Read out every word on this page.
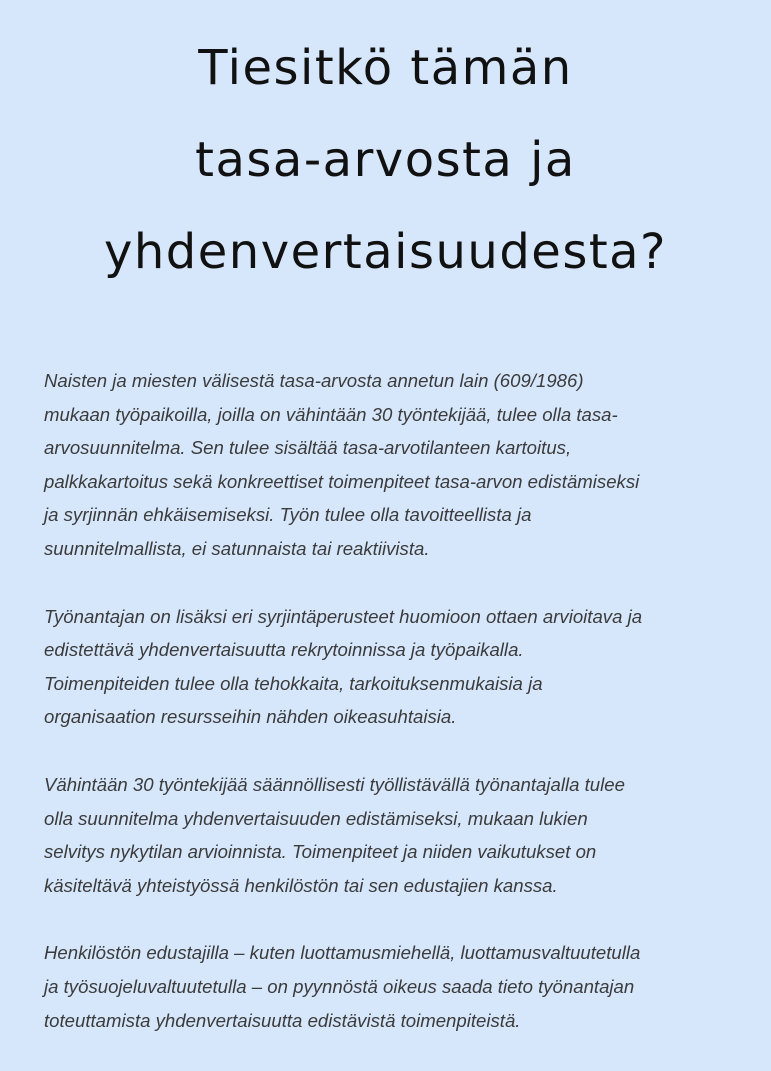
Tiesitkö tämän
tasa-arvosta ja
yhdenvertaisuudesta?

Naisten ja miesten välisestä tasa-arvosta annetun lain (609/1986)
mukaan työpaikoilla, joilla on vähintään 30 työntekijää, tulee olla tasa-
arvosuunnitelma. Sen tulee sisältää tasa-arvotilanteen kartoitus,
palkkakartoitus sekä konkreettiset toimenpiteet tasa-arvon edistämiseksi
ja syrjinnän ehkäisemiseksi. Työn tulee olla tavoitteellista ja
suunnitelmallista, ei satunnaista tai reaktiivista.

Työnantajan on lisäksi eri syrjintäperusteet huomioon ottaen arvioitava ja
edistettävä yhdenvertaisuutta rekrytoinnissa ja työpaikalla.
Toimenpiteiden tulee olla tehokkaita, tarkoituksenmukaisia ja
organisaation resursseihin nähden oikeasuhtaisia.

Vähintään 30 työntekijää säännöllisesti työllistävällä työnantajalla tulee
olla suunnitelma yhdenvertaisuuden edistämiseksi, mukaan lukien
selvitys nykytilan arvioinnista. Toimenpiteet ja niiden vaikutukset on
käsiteltävä yhteistyössä henkilöstön tai sen edustajien kanssa.

Henkilöstön edustajilla – kuten luottamusmiehellä, luottamusvaltuutetulla
ja työsuojeluvaltuutetulla – on pyynnöstä oikeus saada tieto työnantajan
toteuttamista yhdenvertaisuutta edistävistä toimenpiteistä.
